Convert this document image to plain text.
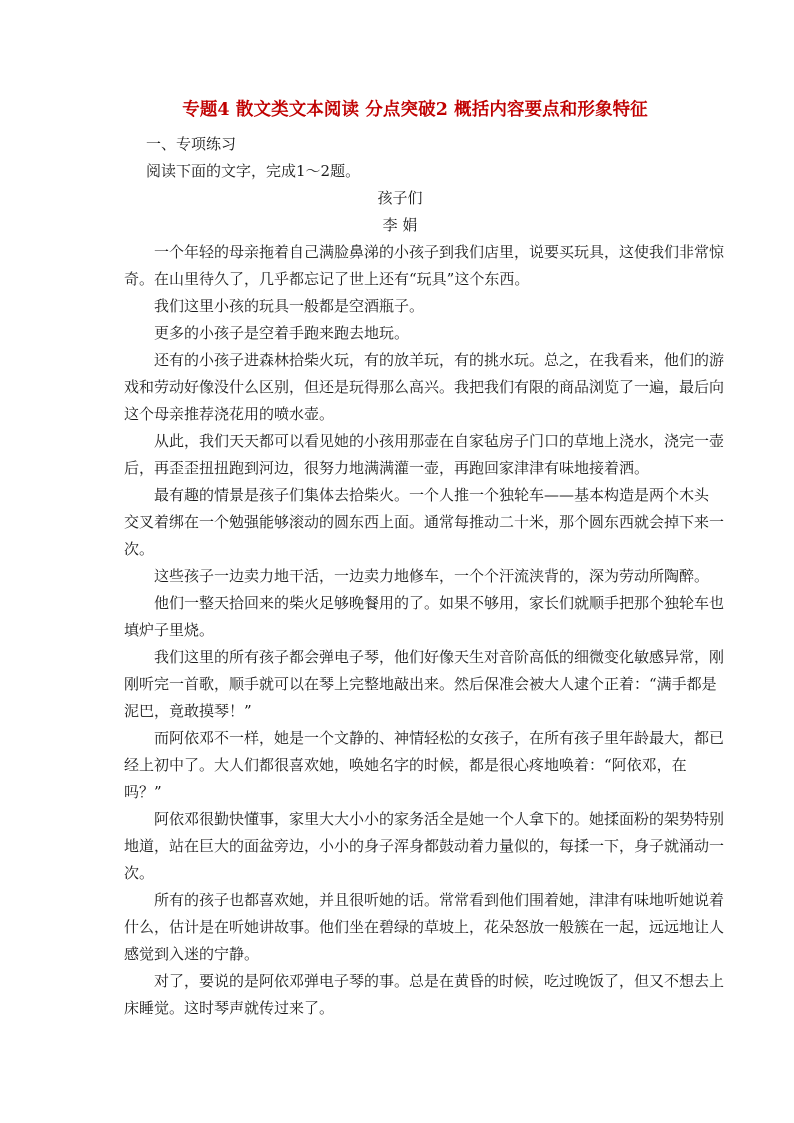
专题4 散文类文本阅读 分点突破2 概括内容要点和形象特征

一、专项练习

阅读下面的文字，完成1～2题。

孩子们

李 娟

一个年轻的母亲拖着自己满脸鼻涕的小孩子到我们店里，说要买玩具，这使我们非常惊

奇。在山里待久了，几乎都忘记了世上还有“玩具”这个东西。

我们这里小孩的玩具一般都是空酒瓶子。

更多的小孩子是空着手跑来跑去地玩。

还有的小孩子进森林拾柴火玩，有的放羊玩，有的挑水玩。总之，在我看来，他们的游

戏和劳动好像没什么区别，但还是玩得那么高兴。我把我们有限的商品浏览了一遍，最后向

这个母亲推荐浇花用的喷水壶。

从此，我们天天都可以看见她的小孩用那壶在自家毡房子门口的草地上浇水，浇完一壶

后，再歪歪扭扭跑到河边，很努力地满满灌一壶，再跑回家津津有味地接着洒。

最有趣的情景是孩子们集体去拾柴火。一个人推一个独轮车——基本构造是两个木头

交叉着绑在一个勉强能够滚动的圆东西上面。通常每推动二十米，那个圆东西就会掉下来一

次。

这些孩子一边卖力地干活，一边卖力地修车，一个个汗流浃背的，深为劳动所陶醉。

他们一整天拾回来的柴火足够晚餐用的了。如果不够用，家长们就顺手把那个独轮车也

填炉子里烧。

我们这里的所有孩子都会弹电子琴，他们好像天生对音阶高低的细微变化敏感异常，刚

刚听完一首歌，顺手就可以在琴上完整地敲出来。然后保准会被大人逮个正着：“满手都是

泥巴，竟敢摸琴！”

而阿依邓不一样，她是一个文静的、神情轻松的女孩子，在所有孩子里年龄最大，都已

经上初中了。大人们都很喜欢她，唤她名字的时候，都是很心疼地唤着：“阿依邓，在

吗？”

阿依邓很勤快懂事，家里大大小小的家务活全是她一个人拿下的。她揉面粉的架势特别

地道，站在巨大的面盆旁边，小小的身子浑身都鼓动着力量似的，每揉一下，身子就涌动一

次。

所有的孩子也都喜欢她，并且很听她的话。常常看到他们围着她，津津有味地听她说着

什么，估计是在听她讲故事。他们坐在碧绿的草坡上，花朵怒放一般簇在一起，远远地让人

感觉到入迷的宁静。

对了，要说的是阿依邓弹电子琴的事。总是在黄昏的时候，吃过晚饭了，但又不想去上

床睡觉。这时琴声就传过来了。
